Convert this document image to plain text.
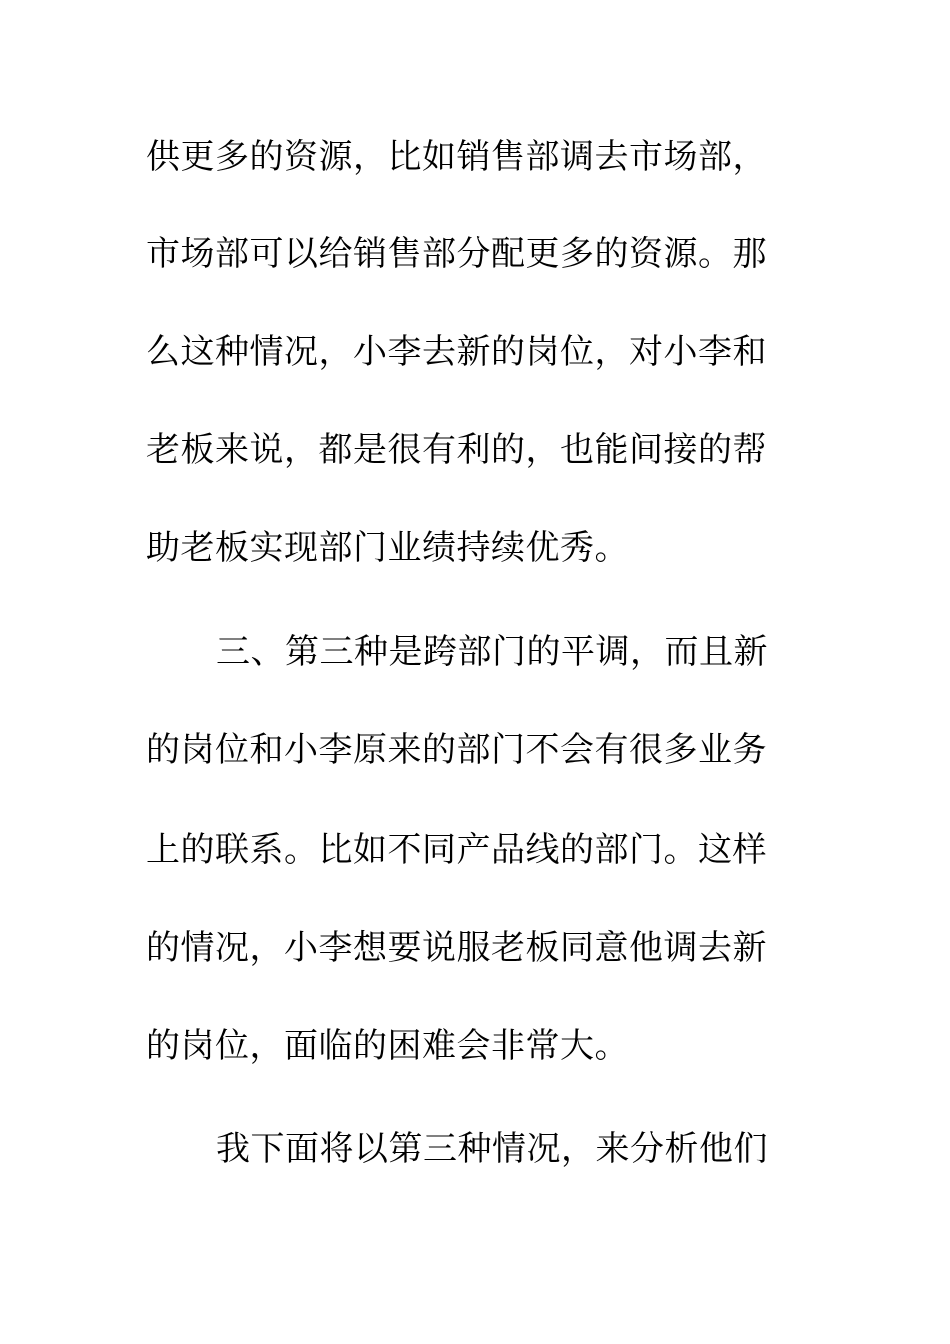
供更多的资源，比如销售部调去市场部，
市场部可以给销售部分配更多的资源。那
么这种情况，小李去新的岗位，对小李和
老板来说，都是很有利的，也能间接的帮
助老板实现部门业绩持续优秀。
三、第三种是跨部门的平调，而且新
的岗位和小李原来的部门不会有很多业务
上的联系。比如不同产品线的部门。这样
的情况，小李想要说服老板同意他调去新
的岗位，面临的困难会非常大。
我下面将以第三种情况，来分析他们
